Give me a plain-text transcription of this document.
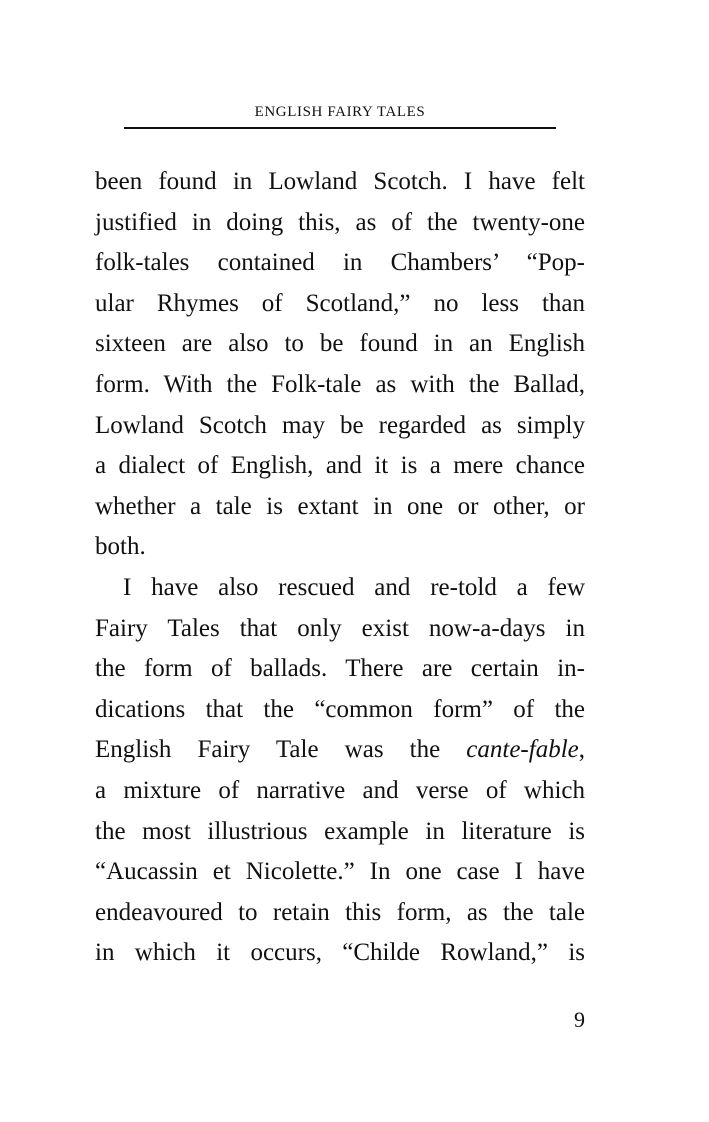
ENGLISH FAIRY TALES
been found in Lowland Scotch. I have felt
justified in doing this, as of the twenty-one
folk-tales contained in Chambers’ “Pop-
ular Rhymes of Scotland,” no less than
sixteen are also to be found in an English
form. With the Folk-tale as with the Ballad,
Lowland Scotch may be regarded as simply
a dialect of English, and it is a mere chance
whether a tale is extant in one or other, or
both.
I have also rescued and re-told a few
Fairy Tales that only exist now-a-days in
the form of ballads. There are certain in-
dications that the “common form” of the
English Fairy Tale was the cante-fable,
a mixture of narrative and verse of which
the most illustrious example in literature is
“Aucassin et Nicolette.” In one case I have
endeavoured to retain this form, as the tale
in which it occurs, “Childe Rowland,” is
9
